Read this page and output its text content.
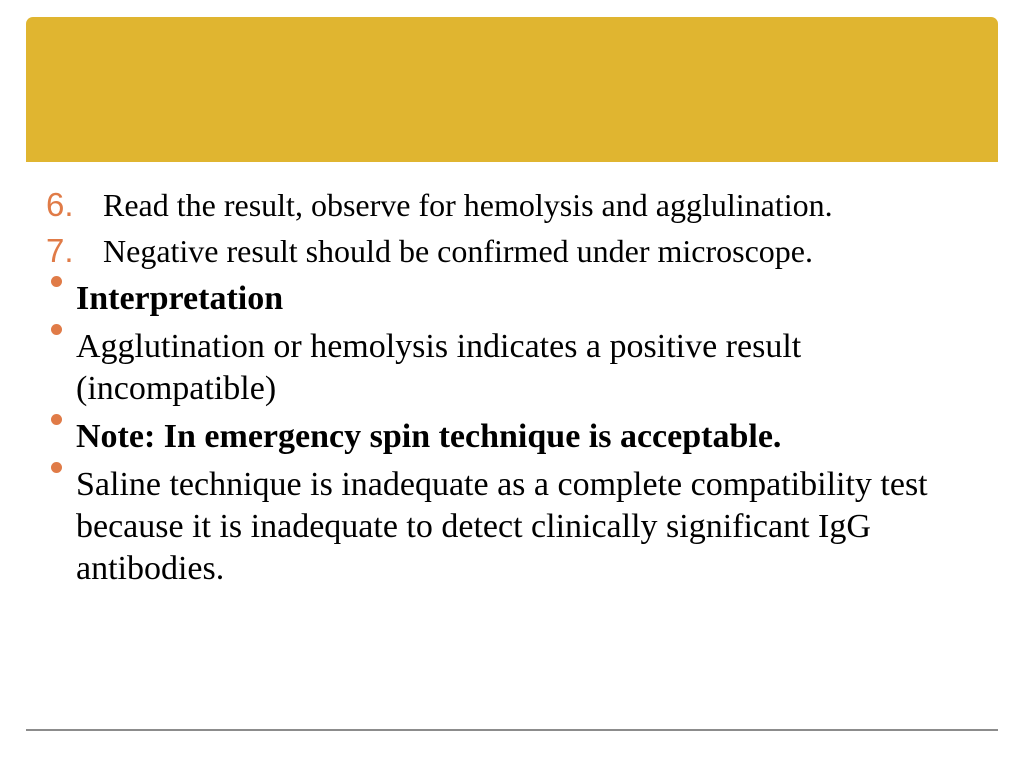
6. Read the result, observe for hemolysis and agglulination.
7. Negative result should be confirmed under microscope.
Interpretation
Agglutination or hemolysis indicates a positive result (incompatible)
Note: In emergency spin technique is acceptable.
Saline technique is inadequate as a complete compatibility test because it is inadequate to detect clinically significant IgG antibodies.
